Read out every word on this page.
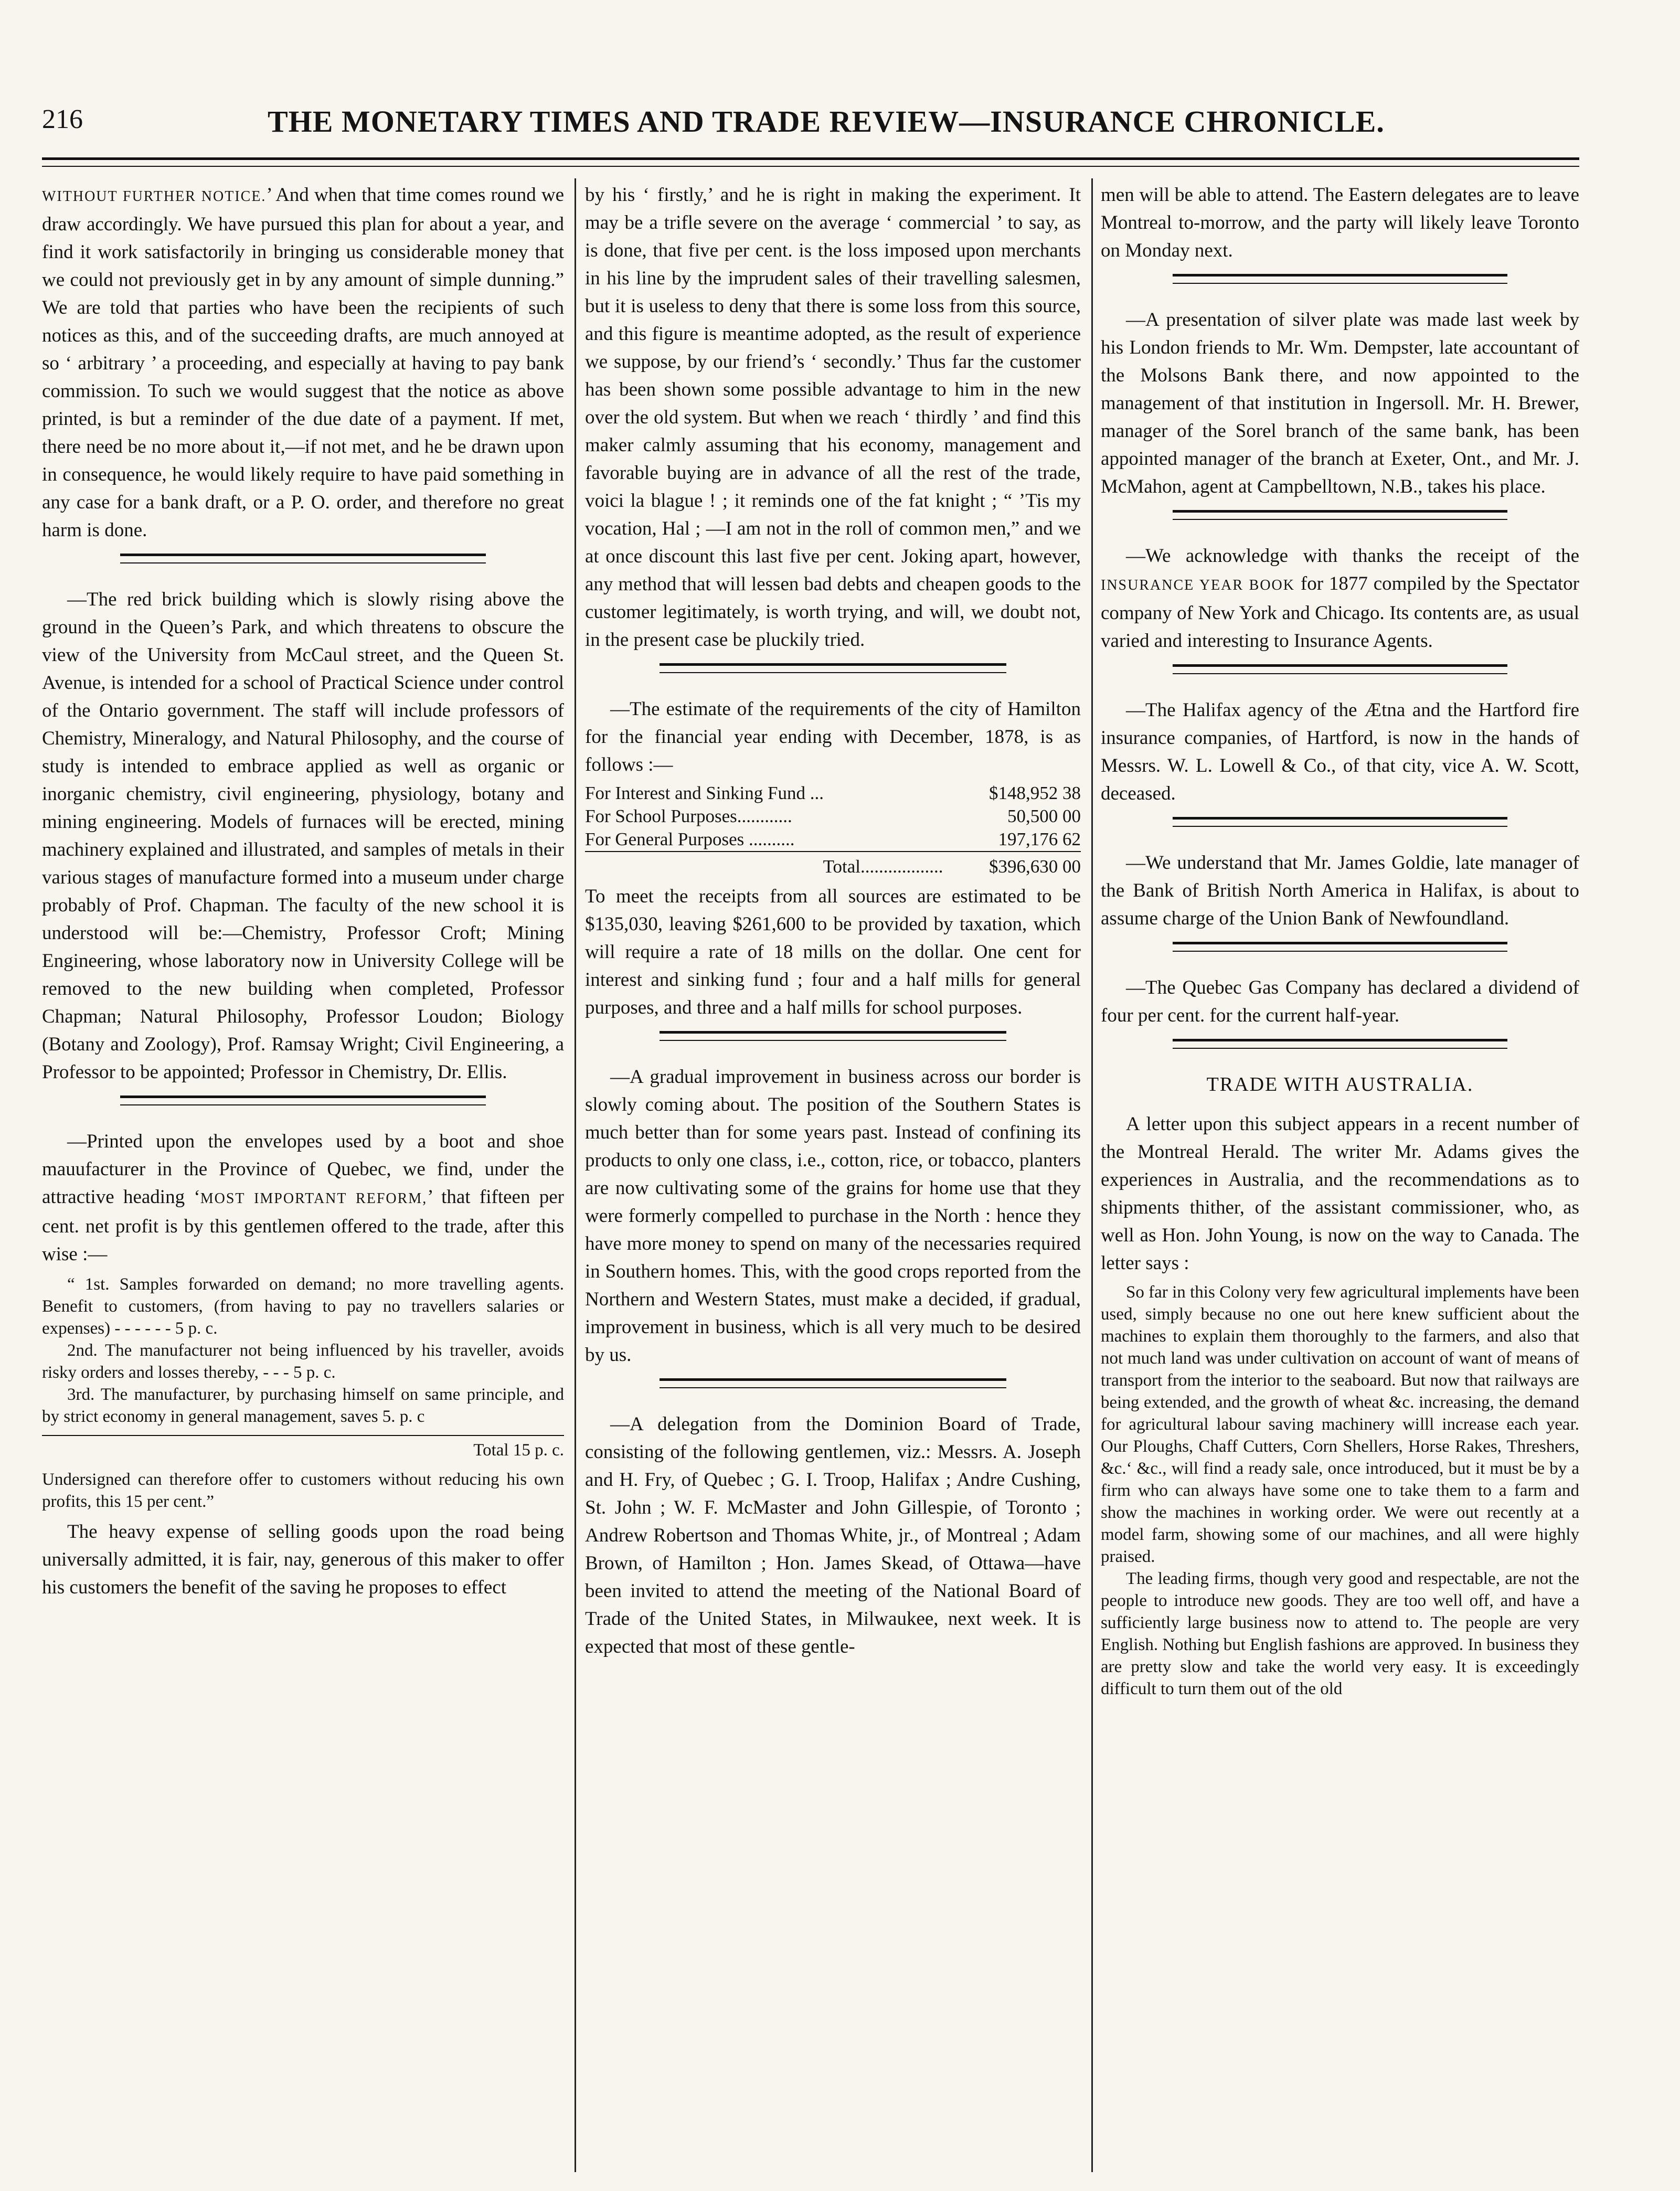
216	THE MONETARY TIMES AND TRADE REVIEW—INSURANCE CHRONICLE.

WITHOUT FURTHER NOTICE.’ And when that time comes round we draw accordingly. We have pursued this plan for about a year, and find it work satisfactorily in bringing us considerable money that we could not previously get in by any amount of simple dunning.” We are told that parties who have been the recipients of such notices as this, and of the succeeding drafts, are much annoyed at so ‘ arbitrary ’ a proceeding, and especially at having to pay bank commission. To such we would suggest that the notice as above printed, is but a reminder of the due date of a payment. If met, there need be no more about it,—if not met, and he be drawn upon in consequence, he would likely require to have paid something in any case for a bank draft, or a P. O. order, and therefore no great harm is done.

—The red brick building which is slowly rising above the ground in the Queen’s Park, and which threatens to obscure the view of the University from McCaul street, and the Queen St. Avenue, is intended for a school of Practical Science under control of the Ontario government. The staff will include professors of Chemistry, Mineralogy, and Natural Philosophy, and the course of study is intended to embrace applied as well as organic or inorganic chemistry, civil engineering, physiology, botany and mining engineering. Models of furnaces will be erected, mining machinery explained and illustrated, and samples of metals in their various stages of manufacture formed into a museum under charge probably of Prof. Chapman. The faculty of the new school it is understood will be:—Chemistry, Professor Croft; Mining Engineering, whose laboratory now in University College will be removed to the new building when completed, Professor Chapman; Natural Philosophy, Professor Loudon; Biology (Botany and Zoology), Prof. Ramsay Wright; Civil Engineering, a Professor to be appointed; Professor in Chemistry, Dr. Ellis.

—Printed upon the envelopes used by a boot and shoe mauufacturer in the Province of Quebec, we find, under the attractive heading ‘MOST IMPORTANT REFORM,’ that fifteen per cent. net profit is by this gentlemen offered to the trade, after this wise :—

“ 1st. Samples forwarded on demand; no more travelling agents. Benefit to customers, (from having to pay no travellers salaries or expenses) - - - - - - 5 p. c.

2nd. The manufacturer not being influenced by his traveller, avoids risky orders and losses thereby, - - - 5 p. c.

3rd. The manufacturer, by purchasing himself on same principle, and by strict economy in general management, saves 5. p. c

Total 15 p. c.

Undersigned can therefore offer to customers without reducing his own profits, this 15 per cent.”

The heavy expense of selling goods upon the road being universally admitted, it is fair, nay, generous of this maker to offer his customers the benefit of the saving he proposes to effect

by his ‘ firstly,’ and he is right in making the experiment. It may be a trifle severe on the average ‘ commercial ’ to say, as is done, that five per cent. is the loss imposed upon merchants in his line by the imprudent sales of their travelling salesmen, but it is useless to deny that there is some loss from this source, and this figure is meantime adopted, as the result of experience we suppose, by our friend’s ‘ secondly.’ Thus far the customer has been shown some possible advantage to him in the new over the old system. But when we reach ‘ thirdly ’ and find this maker calmly assuming that his economy, management and favorable buying are in advance of all the rest of the trade, voici la blague ! ; it reminds one of the fat knight ; “ ’Tis my vocation, Hal ; —I am not in the roll of common men,” and we at once discount this last five per cent. Joking apart, however, any method that will lessen bad debts and cheapen goods to the customer legitimately, is worth trying, and will, we doubt not, in the present case be pluckily tried.

—The estimate of the requirements of the city of Hamilton for the financial year ending with December, 1878, is as follows :—

For Interest and Sinking Fund ...	$148,952 38
For School Purposes............	50,500 00
For General Purposes ..........	197,176 62
Total..................	$396,630 00

To meet the receipts from all sources are estimated to be $135,030, leaving $261,600 to be provided by taxation, which will require a rate of 18 mills on the dollar. One cent for interest and sinking fund ; four and a half mills for general purposes, and three and a half mills for school purposes.

—A gradual improvement in business across our border is slowly coming about. The position of the Southern States is much better than for some years past. Instead of confining its products to only one class, i.e., cotton, rice, or tobacco, planters are now cultivating some of the grains for home use that they were formerly compelled to purchase in the North : hence they have more money to spend on many of the necessaries required in Southern homes. This, with the good crops reported from the Northern and Western States, must make a decided, if gradual, improvement in business, which is all very much to be desired by us.

—A delegation from the Dominion Board of Trade, consisting of the following gentlemen, viz.: Messrs. A. Joseph and H. Fry, of Quebec ; G. I. Troop, Halifax ; Andre Cushing, St. John ; W. F. McMaster and John Gillespie, of Toronto ; Andrew Robertson and Thomas White, jr., of Montreal ; Adam Brown, of Hamilton ; Hon. James Skead, of Ottawa—have been invited to attend the meeting of the National Board of Trade of the United States, in Milwaukee, next week. It is expected that most of these gentle-

men will be able to attend. The Eastern delegates are to leave Montreal to-morrow, and the party will likely leave Toronto on Monday next.

—A presentation of silver plate was made last week by his London friends to Mr. Wm. Dempster, late accountant of the Molsons Bank there, and now appointed to the management of that institution in Ingersoll. Mr. H. Brewer, manager of the Sorel branch of the same bank, has been appointed manager of the branch at Exeter, Ont., and Mr. J. McMahon, agent at Campbelltown, N.B., takes his place.

—We acknowledge with thanks the receipt of the INSURANCE YEAR BOOK for 1877 compiled by the Spectator company of New York and Chicago. Its contents are, as usual varied and interesting to Insurance Agents.

—The Halifax agency of the Ætna and the Hartford fire insurance companies, of Hartford, is now in the hands of Messrs. W. L. Lowell & Co., of that city, vice A. W. Scott, deceased.

—We understand that Mr. James Goldie, late manager of the Bank of British North America in Halifax, is about to assume charge of the Union Bank of Newfoundland.

—The Quebec Gas Company has declared a dividend of four per cent. for the current half-year.

TRADE WITH AUSTRALIA.

A letter upon this subject appears in a recent number of the Montreal Herald. The writer Mr. Adams gives the experiences in Australia, and the recommendations as to shipments thither, of the assistant commissioner, who, as well as Hon. John Young, is now on the way to Canada. The letter says :

So far in this Colony very few agricultural implements have been used, simply because no one out here knew sufficient about the machines to explain them thoroughly to the farmers, and also that not much land was under cultivation on account of want of means of transport from the interior to the seaboard. But now that railways are being extended, and the growth of wheat &c. increasing, the demand for agricultural labour saving machinery willl increase each year. Our Ploughs, Chaff Cutters, Corn Shellers, Horse Rakes, Threshers, &c.‘ &c., will find a ready sale, once introduced, but it must be by a firm who can always have some one to take them to a farm and show the machines in working order. We were out recently at a model farm, showing some of our machines, and all were highly praised.

The leading firms, though very good and respectable, are not the people to introduce new goods. They are too well off, and have a sufficiently large business now to attend to. The people are very English. Nothing but English fashions are approved. In business they are pretty slow and take the world very easy. It is exceedingly difficult to turn them out of the old
